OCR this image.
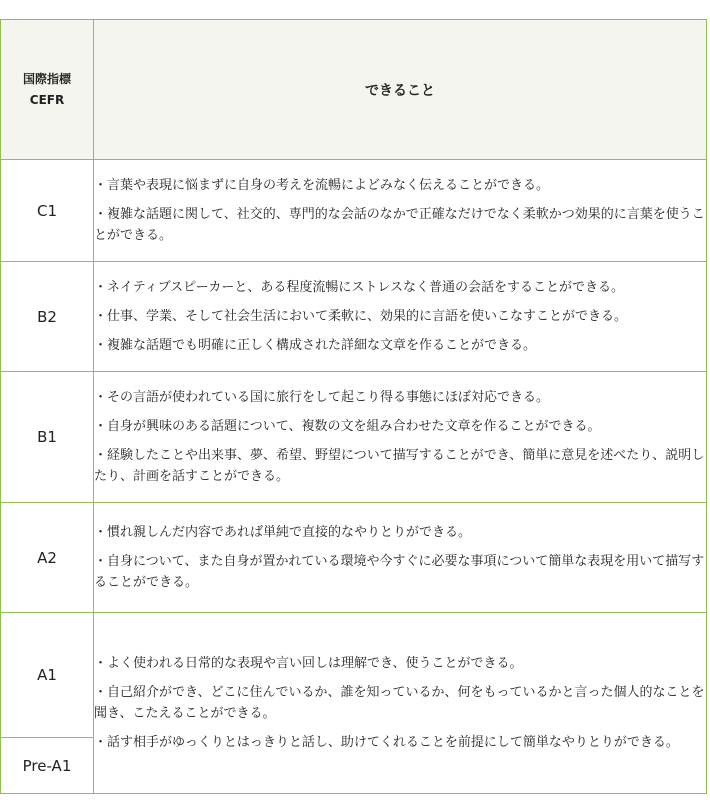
国際指標
CEFR	できること
C1	・言葉や表現に悩まずに自身の考えを流暢によどみなく伝えることができる。

・複雑な話題に関して、社交的、専門的な会話のなかで正確なだけでなく柔軟かつ効果的に言葉を使うことができる。

B2	・ネイティブスピーカーと、ある程度流暢にストレスなく普通の会話をすることができる。

・仕事、学業、そして社会生活において柔軟に、効果的に言語を使いこなすことができる。

・複雑な話題でも明確に正しく構成された詳細な文章を作ることができる。

B1	・その言語が使われている国に旅行をして起こり得る事態にほぼ対応できる。

・自身が興味のある話題について、複数の文を組み合わせた文章を作ることができる。

・経験したことや出来事、夢、希望、野望について描写することができ、簡単に意見を述べたり、説明したり、計画を話すことができる。

A2	・慣れ親しんだ内容であれば単純で直接的なやりとりができる。

・自身について、また自身が置かれている環境や今すぐに必要な事項について簡単な表現を用いて描写することができる。

A1	・よく使われる日常的な表現や言い回しは理解でき、使うことができる。

・自己紹介ができ、どこに住んでいるか、誰を知っているか、何をもっているかと言った個人的なことを聞き、こたえることができる。

・話す相手がゆっくりとはっきりと話し、助けてくれることを前提にして簡単なやりとりができる。

Pre-A1	
